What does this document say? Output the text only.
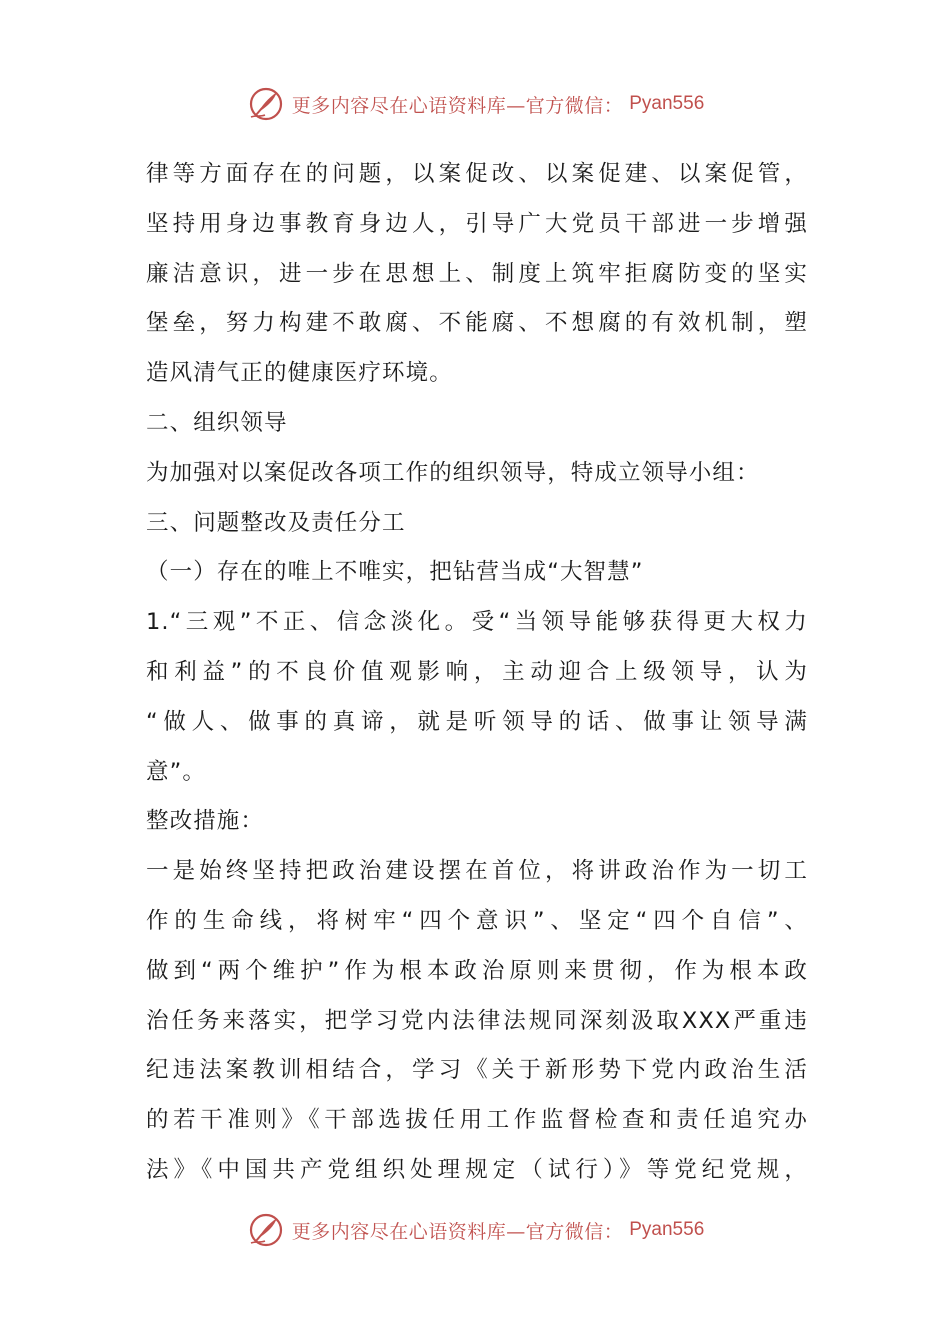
更多内容尽在心语资料库—官方微信： Pyan556
律等方面存在的问题，以案促改、以案促建、以案促管，
坚持用身边事教育身边人，引导广大党员干部进一步增强
廉洁意识，进一步在思想上、制度上筑牢拒腐防变的坚实
堡垒，努力构建不敢腐、不能腐、不想腐的有效机制，塑
造风清气正的健康医疗环境。
二、组织领导
为加强对以案促改各项工作的组织领导，特成立领导小组：
三、问题整改及责任分工
（一）存在的唯上不唯实，把钻营当成“大智慧”
1.“三观”不正、信念淡化。受“当领导能够获得更大权力
和利益”的不良价值观影响，主动迎合上级领导，认为
“做人、做事的真谛，就是听领导的话、做事让领导满
意”。
整改措施：
一是始终坚持把政治建设摆在首位，将讲政治作为一切工
作的生命线，将树牢“四个意识”、坚定“四个自信”、
做到“两个维护”作为根本政治原则来贯彻，作为根本政
治任务来落实，把学习党内法律法规同深刻汲取XXX严重违
纪违法案教训相结合，学习《关于新形势下党内政治生活
的若干准则》《干部选拔任用工作监督检查和责任追究办
法》《中国共产党组织处理规定（试行）》等党纪党规，
更多内容尽在心语资料库—官方微信： Pyan556
